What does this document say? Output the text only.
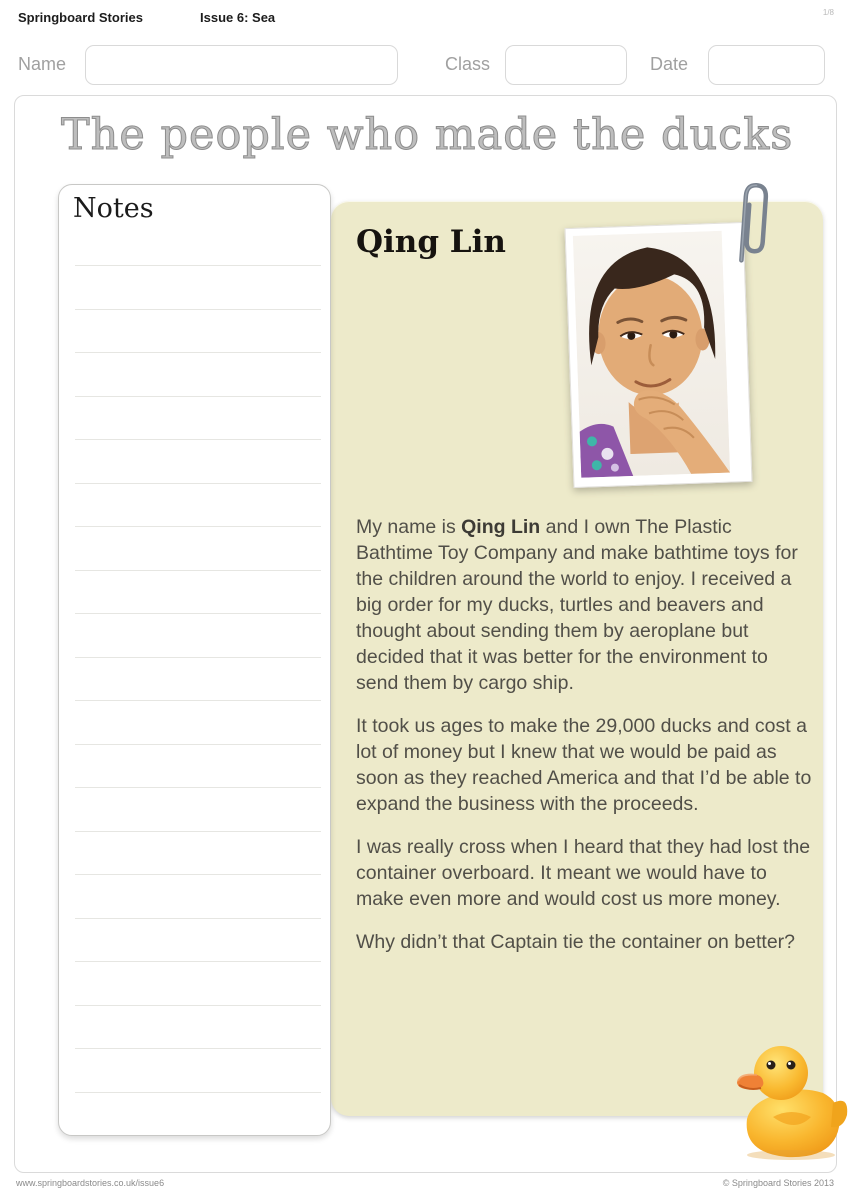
Springboard Stories	Issue 6: Sea	1/8
Name	Class	Date
The people who made the ducks
Notes
Qing Lin

My name is Qing Lin and I own The Plastic Bathtime Toy Company and make bathtime toys for the children around the world to enjoy. I received a big order for my ducks, turtles and beavers and thought about sending them by aeroplane but decided that it was better for the environment to send them by cargo ship.

It took us ages to make the 29,000 ducks and cost a lot of money but I knew that we would be paid as soon as they reached America and that I’d be able to expand the business with the proceeds.

I was really cross when I heard that they had lost the container overboard. It meant we would have to make even more and would cost us more money.

Why didn’t that Captain tie the container on better?

www.springboardstories.co.uk/issue6	© Springboard Stories 2013
